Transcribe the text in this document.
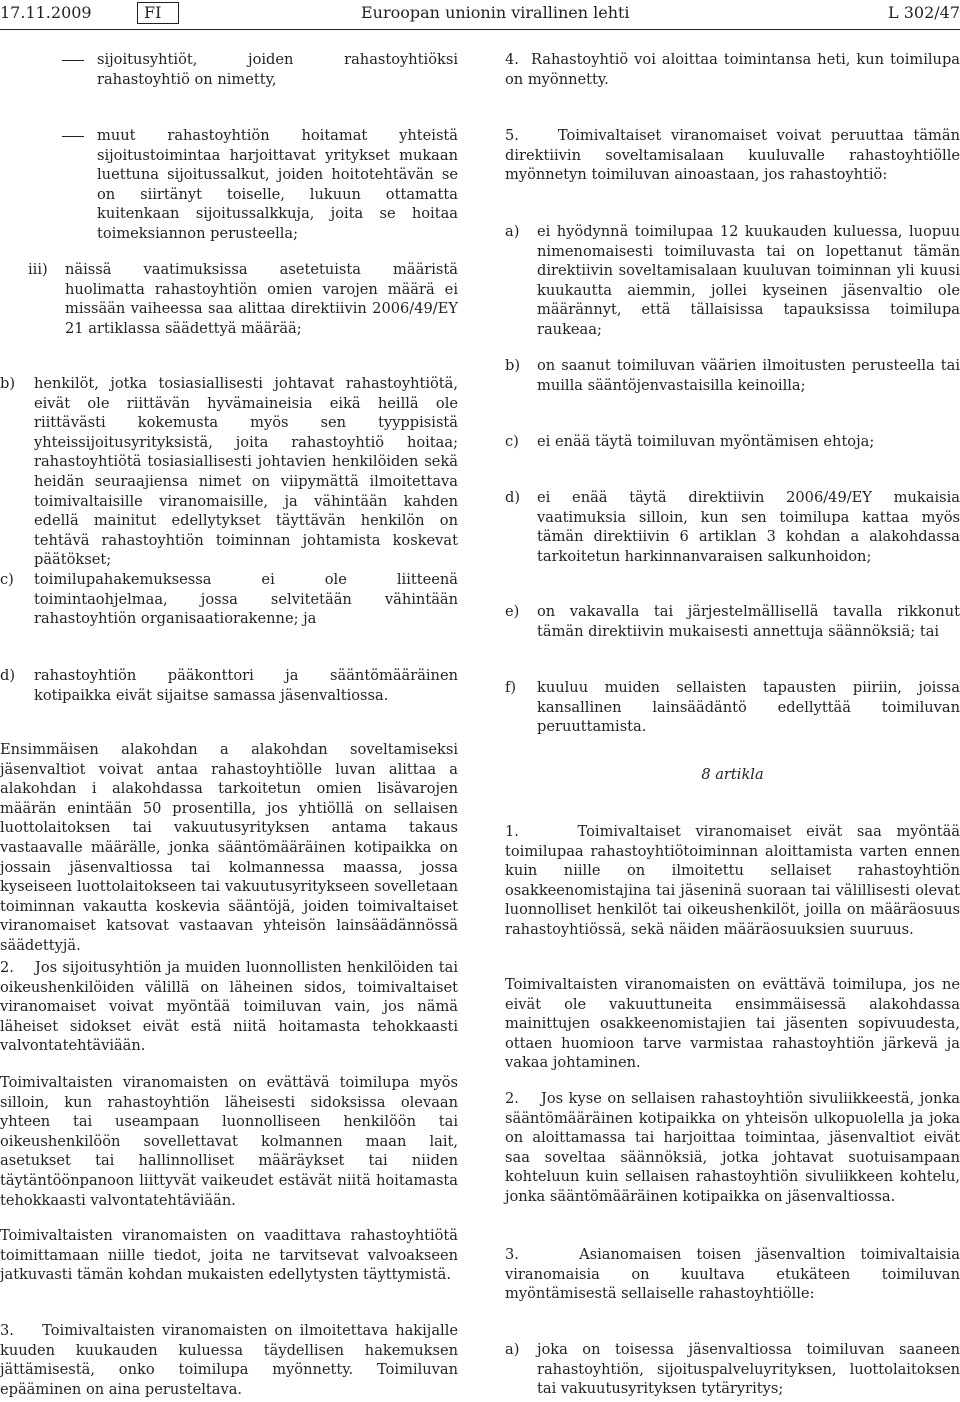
17.11.2009	FI	Euroopan unionin virallinen lehti	L 302/47

sijoitusyhtiöt, joiden rahastoyhtiöksi rahastoyhtiö on nimetty,

muut rahastoyhtiön hoitamat yhteistä sijoitustoimintaa harjoittavat yritykset mukaan luettuna sijoitussalkut, joiden hoitotehtävän se on siirtänyt toiselle, lukuun ottamatta kuitenkaan sijoitussalkkuja, joita se hoitaa toimeksiannon perusteella;

iii) näissä vaatimuksissa asetetuista määristä huolimatta rahastoyhtiön omien varojen määrä ei missään vaiheessa saa alittaa direktiivin 2006/49/EY 21 artiklassa säädettyä määrää;

b) henkilöt, jotka tosiasiallisesti johtavat rahastoyhtiötä, eivät ole riittävän hyvämaineisia eikä heillä ole riittävästi kokemusta myös sen tyyppisistä yhteissijoitusyrityksistä, joita rahastoyhtiö hoitaa; rahastoyhtiötä tosiasiallisesti johtavien henkilöiden sekä heidän seuraajiensa nimet on viipymättä ilmoitettava toimivaltaisille viranomaisille, ja vähintään kahden edellä mainitut edellytykset täyttävän henkilön on tehtävä rahastoyhtiön toiminnan johtamista koskevat päätökset;

c) toimilupahakemuksessa ei ole liitteenä toimintaohjelmaa, jossa selvitetään vähintään rahastoyhtiön organisaatiorakenne; ja

d) rahastoyhtiön pääkonttori ja sääntömääräinen kotipaikka eivät sijaitse samassa jäsenvaltiossa.

Ensimmäisen alakohdan a alakohdan soveltamiseksi jäsenvaltiot voivat antaa rahastoyhtiölle luvan alittaa a alakohdan i alakohdassa tarkoitetun omien lisävarojen määrän enintään 50 prosentilla, jos yhtiöllä on sellaisen luottolaitoksen tai vakuutusyrityksen antama takaus vastaavalle määrälle, jonka sääntömääräinen kotipaikka on jossain jäsenvaltiossa tai kolmannessa maassa, jossa kyseiseen luottolaitokseen tai vakuutusyritykseen sovelletaan toiminnan vakautta koskevia sääntöjä, joiden toimivaltaiset viranomaiset katsovat vastaavan yhteisön lainsäädännössä säädettyjä.

2. Jos sijoitusyhtiön ja muiden luonnollisten henkilöiden tai oikeushenkilöiden välillä on läheinen sidos, toimivaltaiset viranomaiset voivat myöntää toimiluvan vain, jos nämä läheiset sidokset eivät estä niitä hoitamasta tehokkaasti valvontatehtäviään.

Toimivaltaisten viranomaisten on evättävä toimilupa myös silloin, kun rahastoyhtiön läheisesti sidoksissa olevaan yhteen tai useampaan luonnolliseen henkilöön tai oikeushenkilöön sovellettavat kolmannen maan lait, asetukset tai hallinnolliset määräykset tai niiden täytäntöönpanoon liittyvät vaikeudet estävät niitä hoitamasta tehokkaasti valvontatehtäviään.

Toimivaltaisten viranomaisten on vaadittava rahastoyhtiötä toimittamaan niille tiedot, joita ne tarvitsevat valvoakseen jatkuvasti tämän kohdan mukaisten edellytysten täyttymistä.

3. Toimivaltaisten viranomaisten on ilmoitettava hakijalle kuuden kuukauden kuluessa täydellisen hakemuksen jättämisestä, onko toimilupa myönnetty. Toimiluvan epääminen on aina perusteltava.

4. Rahastoyhtiö voi aloittaa toimintansa heti, kun toimilupa on myönnetty.

5.	Toimivaltaiset viranomaiset voivat peruuttaa tämän direktiivin soveltamisalaan kuuluvalle rahastoyhtiölle myönnetyn toimiluvan ainoastaan, jos rahastoyhtiö:

a) ei hyödynnä toimilupaa 12 kuukauden kuluessa, luopuu nimenomaisesti toimiluvasta tai on lopettanut tämän direktiivin soveltamisalaan kuuluvan toiminnan yli kuusi kuukautta aiemmin, jollei kyseinen jäsenvaltio ole määrännyt, että tällaisissa tapauksissa toimilupa raukeaa;

b) on saanut toimiluvan väärien ilmoitusten perusteella tai muilla sääntöjenvastaisilla keinoilla;

c) ei enää täytä toimiluvan myöntämisen ehtoja;

d) ei enää täytä direktiivin 2006/49/EY mukaisia vaatimuksia silloin, kun sen toimilupa kattaa myös tämän direktiivin 6 artiklan 3 kohdan a alakohdassa tarkoitetun harkinnanvaraisen salkunhoidon;

e) on vakavalla tai järjestelmällisellä tavalla rikkonut tämän direktiivin mukaisesti annettuja säännöksiä; tai

f) kuuluu muiden sellaisten tapausten piiriin, joissa kansallinen lainsäädäntö edellyttää toimiluvan peruuttamista.

8 artikla

1.	Toimivaltaiset viranomaiset eivät saa myöntää toimilupaa rahastoyhtiötoiminnan aloittamista varten ennen kuin niille on ilmoitettu sellaiset rahastoyhtiön osakkeenomistajina tai jäseninä suoraan tai välillisesti olevat luonnolliset henkilöt tai oikeushenkilöt, joilla on määräosuus rahastoyhtiössä, sekä näiden määräosuuksien suuruus.

Toimivaltaisten viranomaisten on evättävä toimilupa, jos ne eivät ole vakuuttuneita ensimmäisessä alakohdassa mainittujen osakkeenomistajien tai jäsenten sopivuudesta, ottaen huomioon tarve varmistaa rahastoyhtiön järkevä ja vakaa johtaminen.

2. Jos kyse on sellaisen rahastoyhtiön sivuliikkeestä, jonka sääntömääräinen kotipaikka on yhteisön ulkopuolella ja joka on aloittamassa tai harjoittaa toimintaa, jäsenvaltiot eivät saa soveltaa säännöksiä, jotka johtavat suotuisampaan kohteluun kuin sellaisen rahastoyhtiön sivuliikkeen kohtelu, jonka sääntömääräinen kotipaikka on jäsenvaltiossa.

3.	Asianomaisen toisen jäsenvaltion toimivaltaisia viranomaisia on kuultava etukäteen toimiluvan myöntämisestä sellaiselle rahastoyhtiölle:

a) joka on toisessa jäsenvaltiossa toimiluvan saaneen rahastoyhtiön, sijoituspalveluyrityksen, luottolaitoksen tai vakuutusyrityksen tytäryritys;
